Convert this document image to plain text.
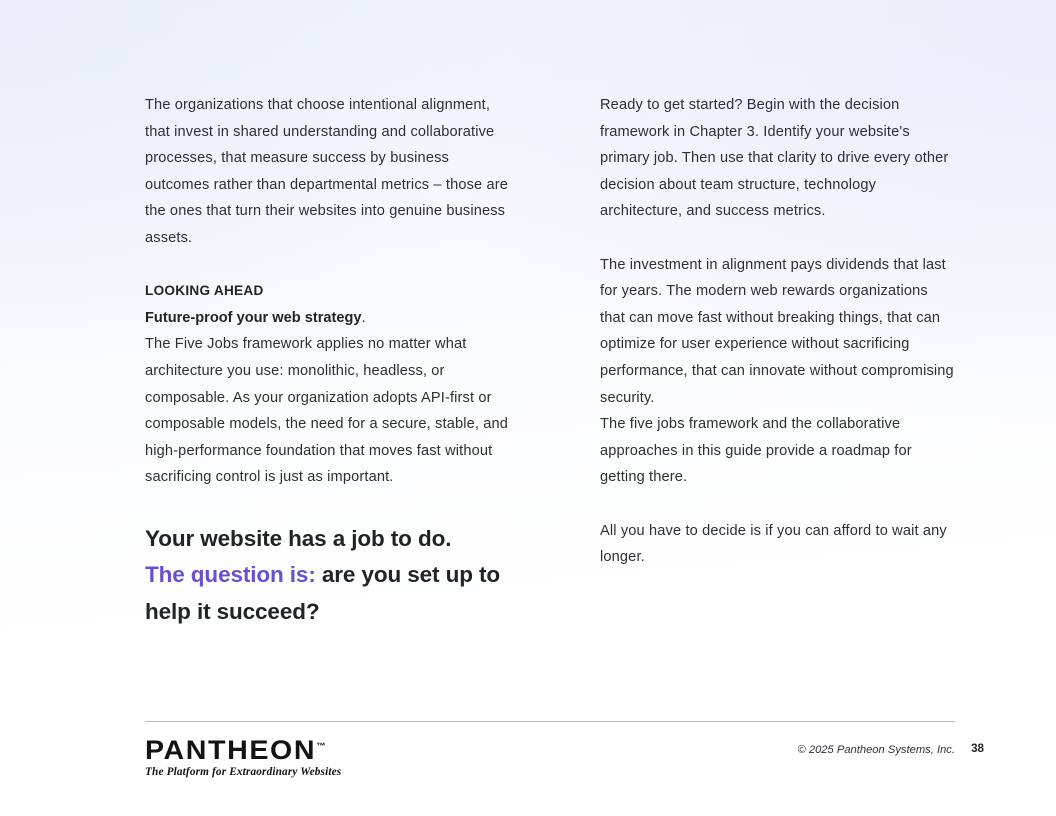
The organizations that choose intentional alignment, that invest in shared understanding and collaborative processes, that measure success by business outcomes rather than departmental metrics – those are the ones that turn their websites into genuine business assets.

LOOKING AHEAD

Future-proof your web strategy.

The Five Jobs framework applies no matter what architecture you use: monolithic, headless, or composable. As your organization adopts API-first or composable models, the need for a secure, stable, and high-performance foundation that moves fast without sacrificing control is just as important.

Your website has a job to do.

The question is: are you set up to help it succeed?

Ready to get started? Begin with the decision framework in Chapter 3. Identify your website's primary job. Then use that clarity to drive every other decision about team structure, technology architecture, and success metrics.

The investment in alignment pays dividends that last for years. The modern web rewards organizations that can move fast without breaking things, that can optimize for user experience without sacrificing performance, that can innovate without compromising security.

The five jobs framework and the collaborative approaches in this guide provide a roadmap for getting there.

All you have to decide is if you can afford to wait any longer.

PANTHEON™
The Platform for Extraordinary Websites
© 2025 Pantheon Systems, Inc. 38
